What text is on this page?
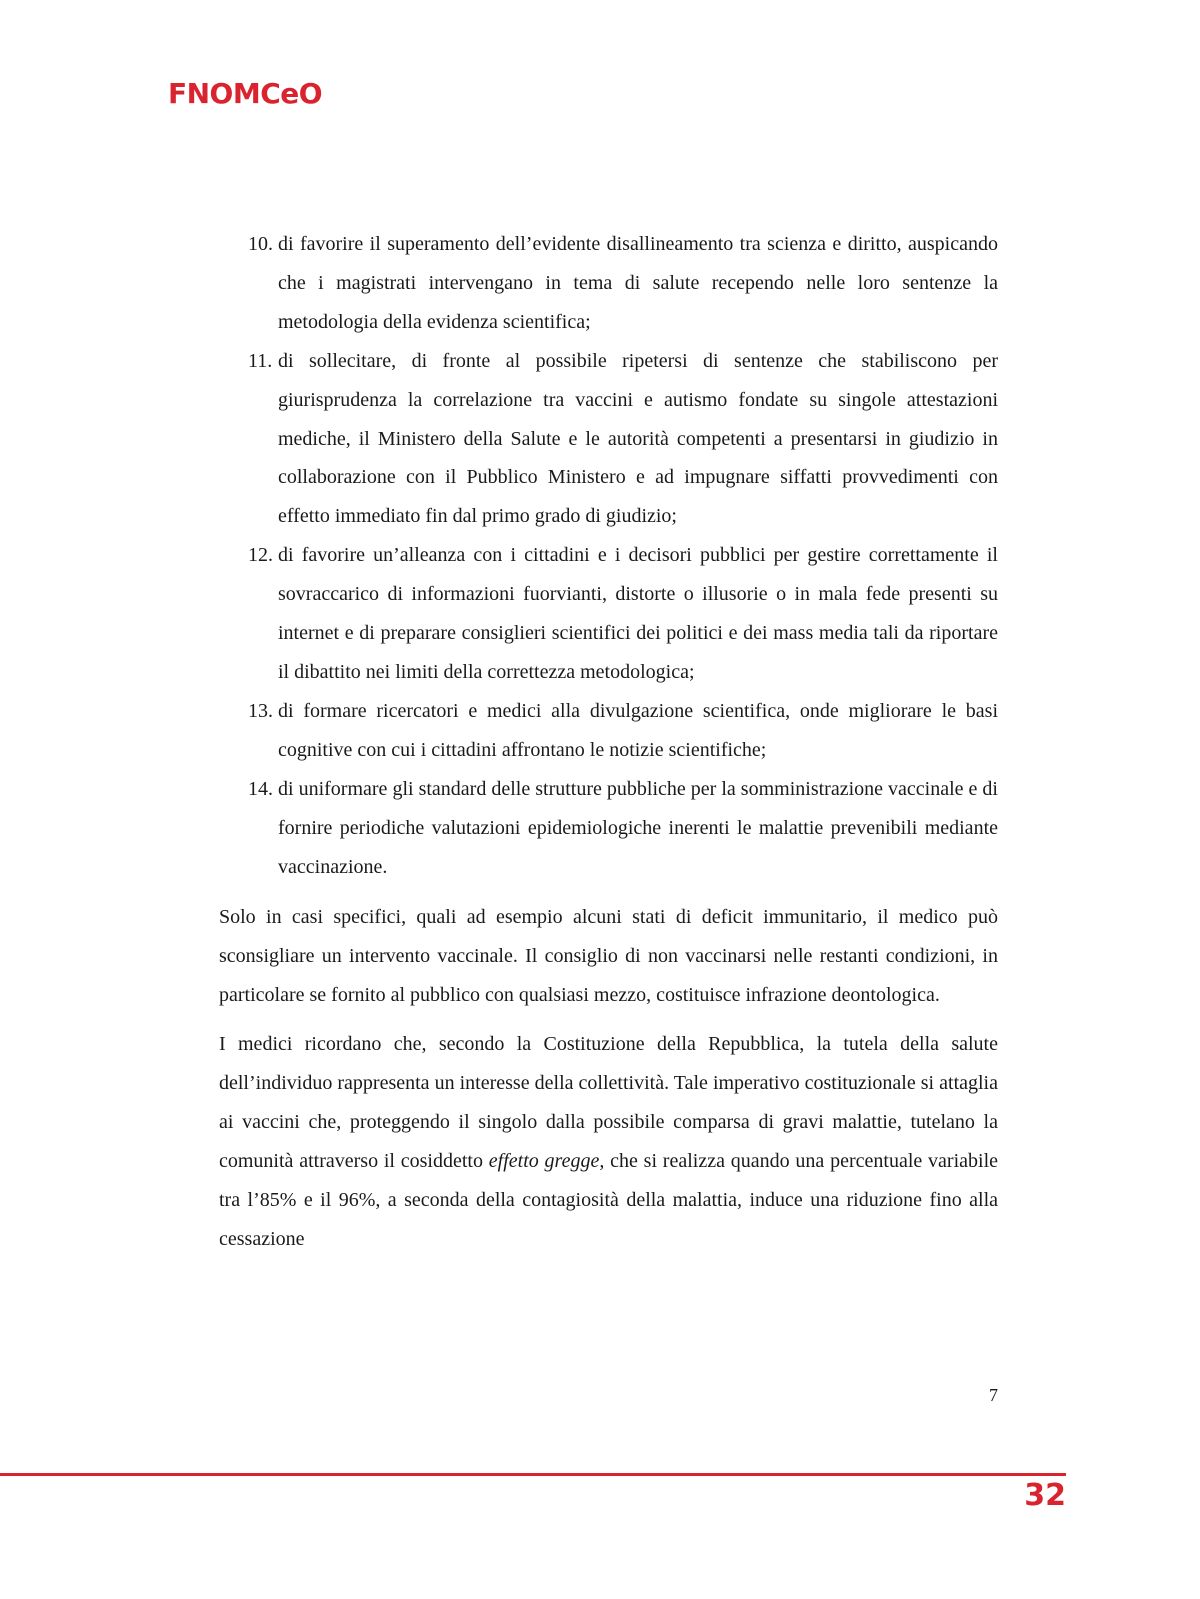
FNOMCeO
10. di favorire il superamento dell’evidente disallineamento tra scienza e diritto, auspicando che i magistrati intervengano in tema di salute recependo nelle loro sentenze la metodologia della evidenza scientifica;
11. di sollecitare, di fronte al possibile ripetersi di sentenze che stabiliscono per giurisprudenza la correlazione tra vaccini e autismo fondate su singole attestazioni mediche, il Ministero della Salute e le autorità competenti a presentarsi in giudizio in collaborazione con il Pubblico Ministero e ad impugnare siffatti provvedimenti con effetto immediato fin dal primo grado di giudizio;
12. di favorire un’alleanza con i cittadini e i decisori pubblici per gestire correttamente il sovraccarico di informazioni fuorvianti, distorte o illusorie o in mala fede presenti su internet e di preparare consiglieri scientifici dei politici e dei mass media tali da riportare il dibattito nei limiti della correttezza metodologica;
13. di formare ricercatori e medici alla divulgazione scientifica, onde migliorare le basi cognitive con cui i cittadini affrontano le notizie scientifiche;
14. di uniformare gli standard delle strutture pubbliche per la somministrazione vaccinale e di fornire periodiche valutazioni epidemiologiche inerenti le malattie prevenibili mediante vaccinazione.

Solo in casi specifici, quali ad esempio alcuni stati di deficit immunitario, il medico può sconsigliare un intervento vaccinale. Il consiglio di non vaccinarsi nelle restanti condizioni, in particolare se fornito al pubblico con qualsiasi mezzo, costituisce infrazione deontologica.

I medici ricordano che, secondo la Costituzione della Repubblica, la tutela della salute dell’individuo rappresenta un interesse della collettività. Tale imperativo costituzionale si attaglia ai vaccini che, proteggendo il singolo dalla possibile comparsa di gravi malattie, tutelano la comunità attraverso il cosiddetto effetto gregge, che si realizza quando una percentuale variabile tra l’85% e il 96%, a seconda della contagiosità della malattia, induce una riduzione fino alla cessazione

7
32
